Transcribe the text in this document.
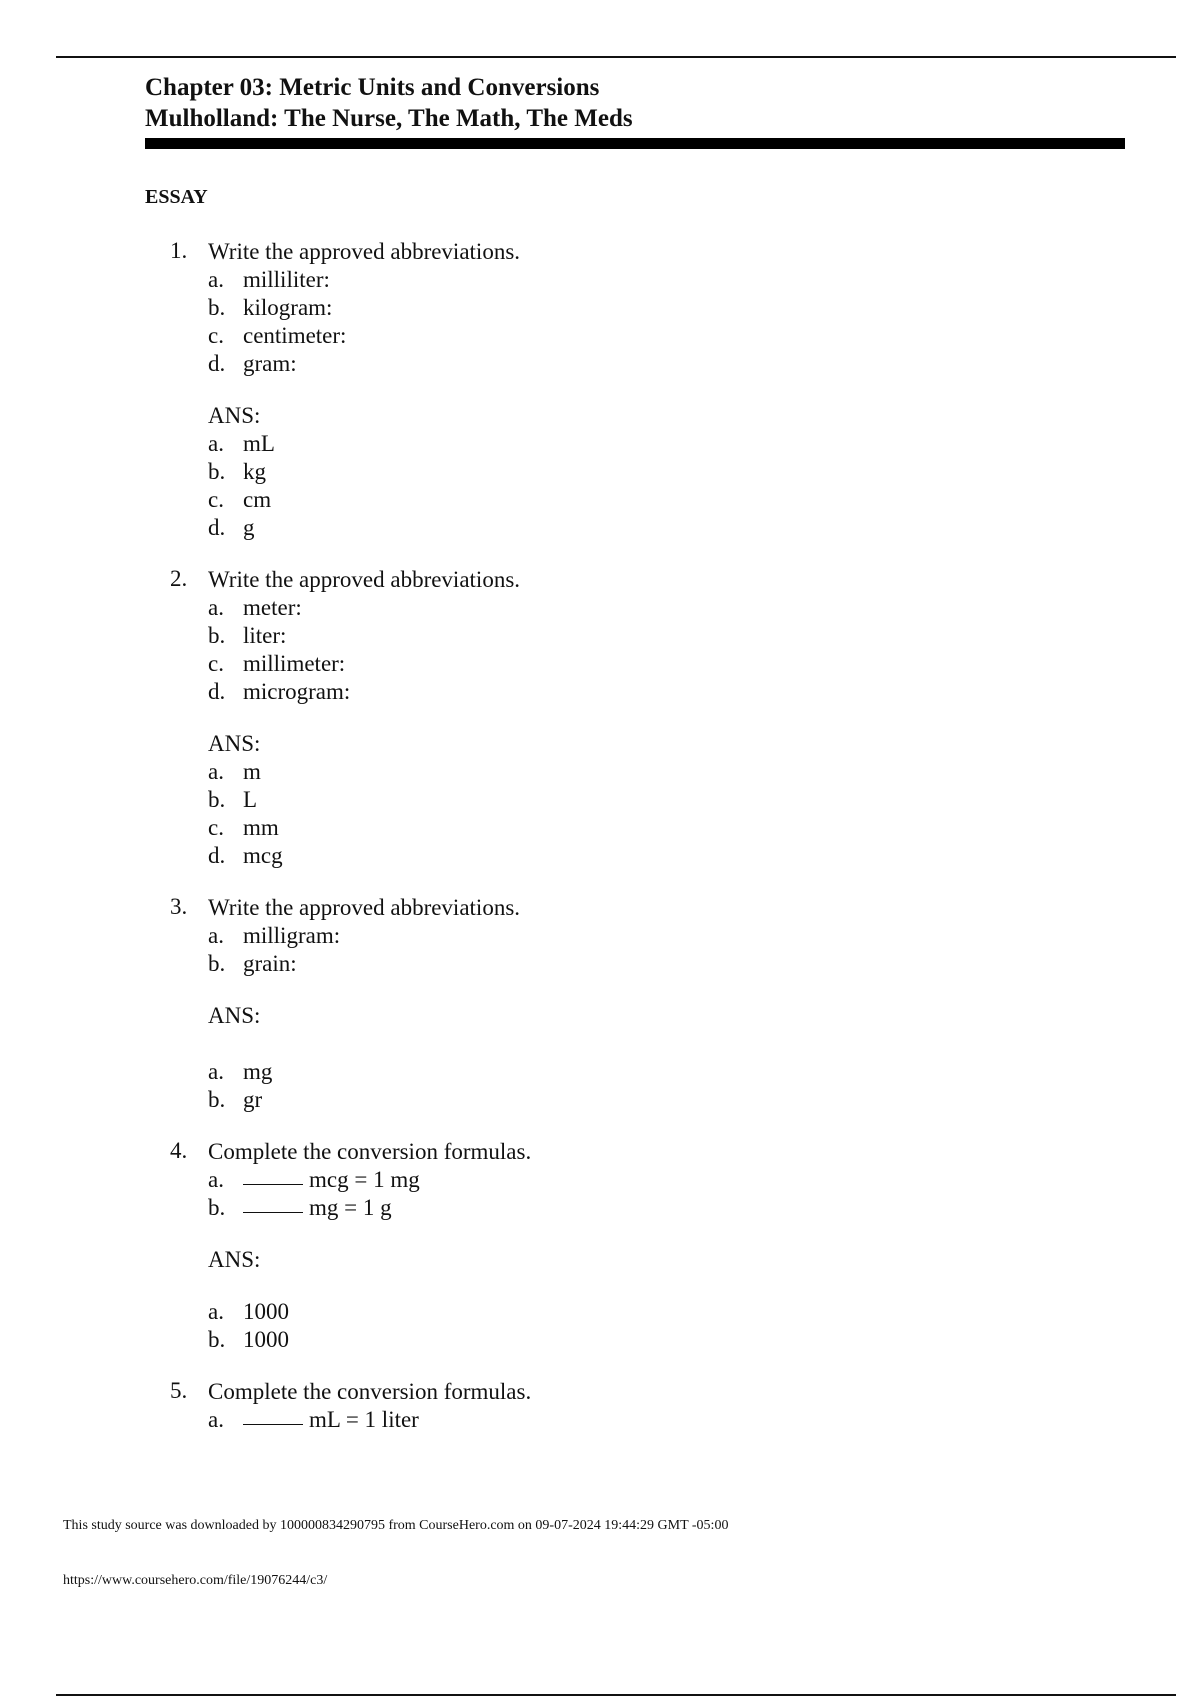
Chapter 03: Metric Units and Conversions
Mulholland: The Nurse, The Math, The Meds
ESSAY
1. Write the approved abbreviations.
a. milliliter:
b. kilogram:
c. centimeter:
d. gram:
ANS:
a. mL
b. kg
c. cm
d. g
2. Write the approved abbreviations.
a. meter:
b. liter:
c. millimeter:
d. microgram:
ANS:
a. m
b. L
c. mm
d. mcg
3. Write the approved abbreviations.
a. milligram:
b. grain:
ANS:
a. mg
b. gr
4. Complete the conversion formulas.
a.	mcg = 1 mg
b.	mg = 1 g
ANS:
a. 1000
b. 1000
5. Complete the conversion formulas.
a.	mL = 1 liter
This study source was downloaded by 100000834290795 from CourseHero.com on 09-07-2024 19:44:29 GMT -05:00
https://www.coursehero.com/file/19076244/c3/
